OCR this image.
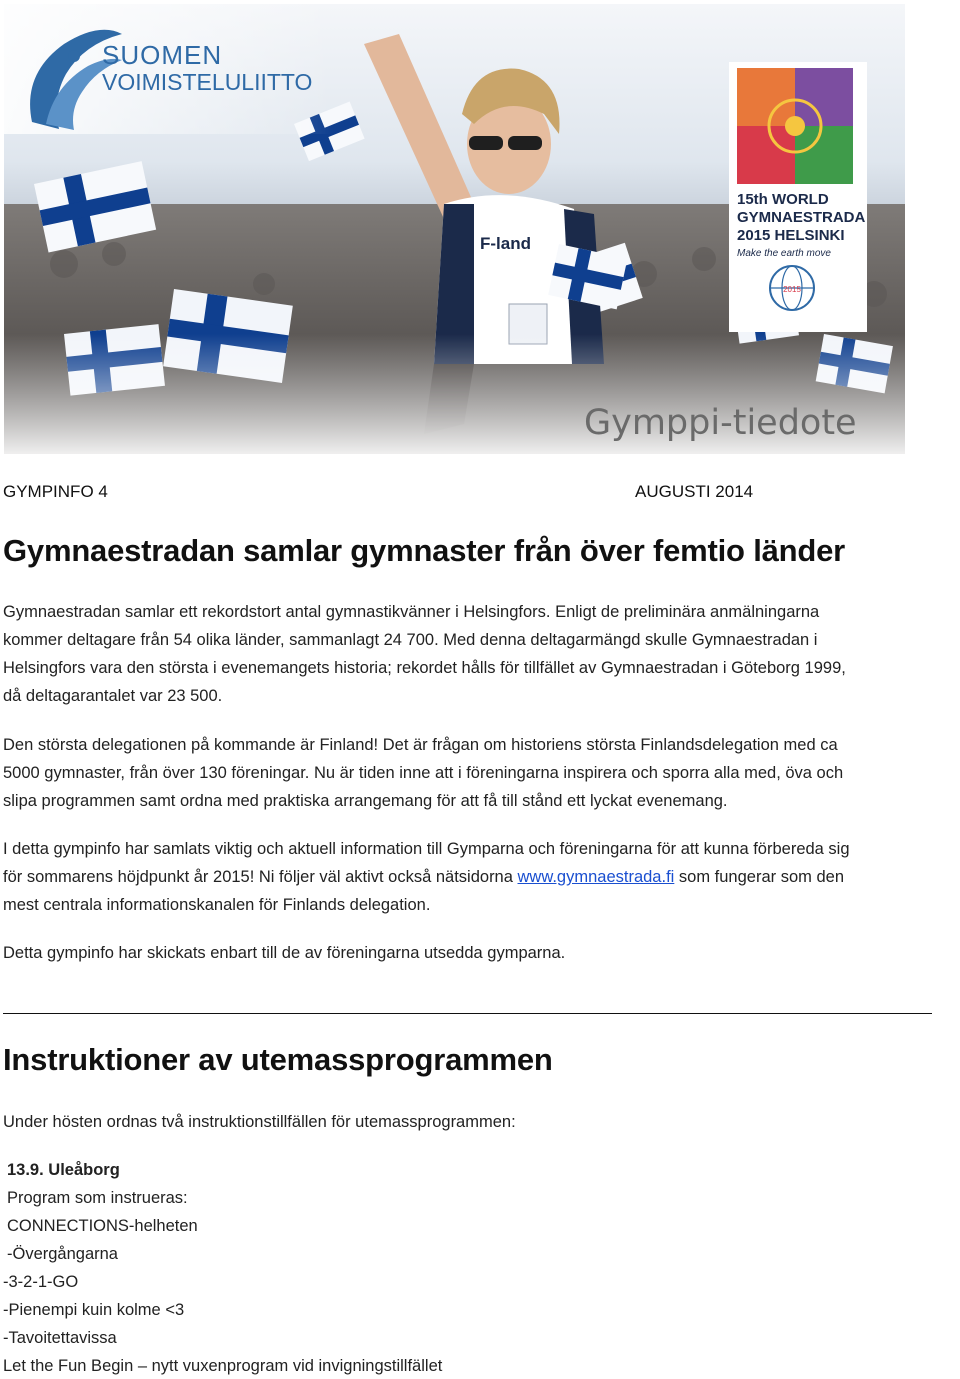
F-land
SUOMEN
VOIMISTELULIITTO
15th WORLD
GYMNAESTRADA
2015 HELSINKI
Make the earth move
2015
Gymppi-tiedote
GYMPINFO 4	AUGUSTI 2014
Gymnaestradan samlar gymnaster från över femtio länder
Gymnaestradan samlar ett rekordstort antal gymnastikvänner i Helsingfors. Enligt de preliminära anmälningarna
kommer deltagare från 54 olika länder, sammanlagt 24 700. Med denna deltagarmängd skulle Gymnaestradan i
Helsingfors vara den största i evenemangets historia; rekordet hålls för tillfället av Gymnaestradan i Göteborg 1999,
då deltagarantalet var 23 500.
Den största delegationen på kommande är Finland! Det är frågan om historiens största Finlandsdelegation med ca
5000 gymnaster, från över 130 föreningar. Nu är tiden inne att i föreningarna inspirera och sporra alla med, öva och
slipa programmen samt ordna med praktiska arrangemang för att få till stånd ett lyckat evenemang.
I detta gympinfo har samlats viktig och aktuell information till Gymparna och föreningarna för att kunna förbereda sig
för sommarens höjdpunkt år 2015! Ni följer väl aktivt också nätsidorna www.gymnaestrada.fi som fungerar som den
mest centrala informationskanalen för Finlands delegation.
Detta gympinfo har skickats enbart till de av föreningarna utsedda gymparna.
Instruktioner av utemassprogrammen
Under hösten ordnas två instruktionstillfällen för utemassprogrammen:
13.9. Uleåborg
Program som instrueras:
CONNECTIONS-helheten
-Övergångarna
-3-2-1-GO
-Pienempi kuin kolme <3
-Tavoitettavissa
Let the Fun Begin – nytt vuxenprogram vid invigningstillfället
